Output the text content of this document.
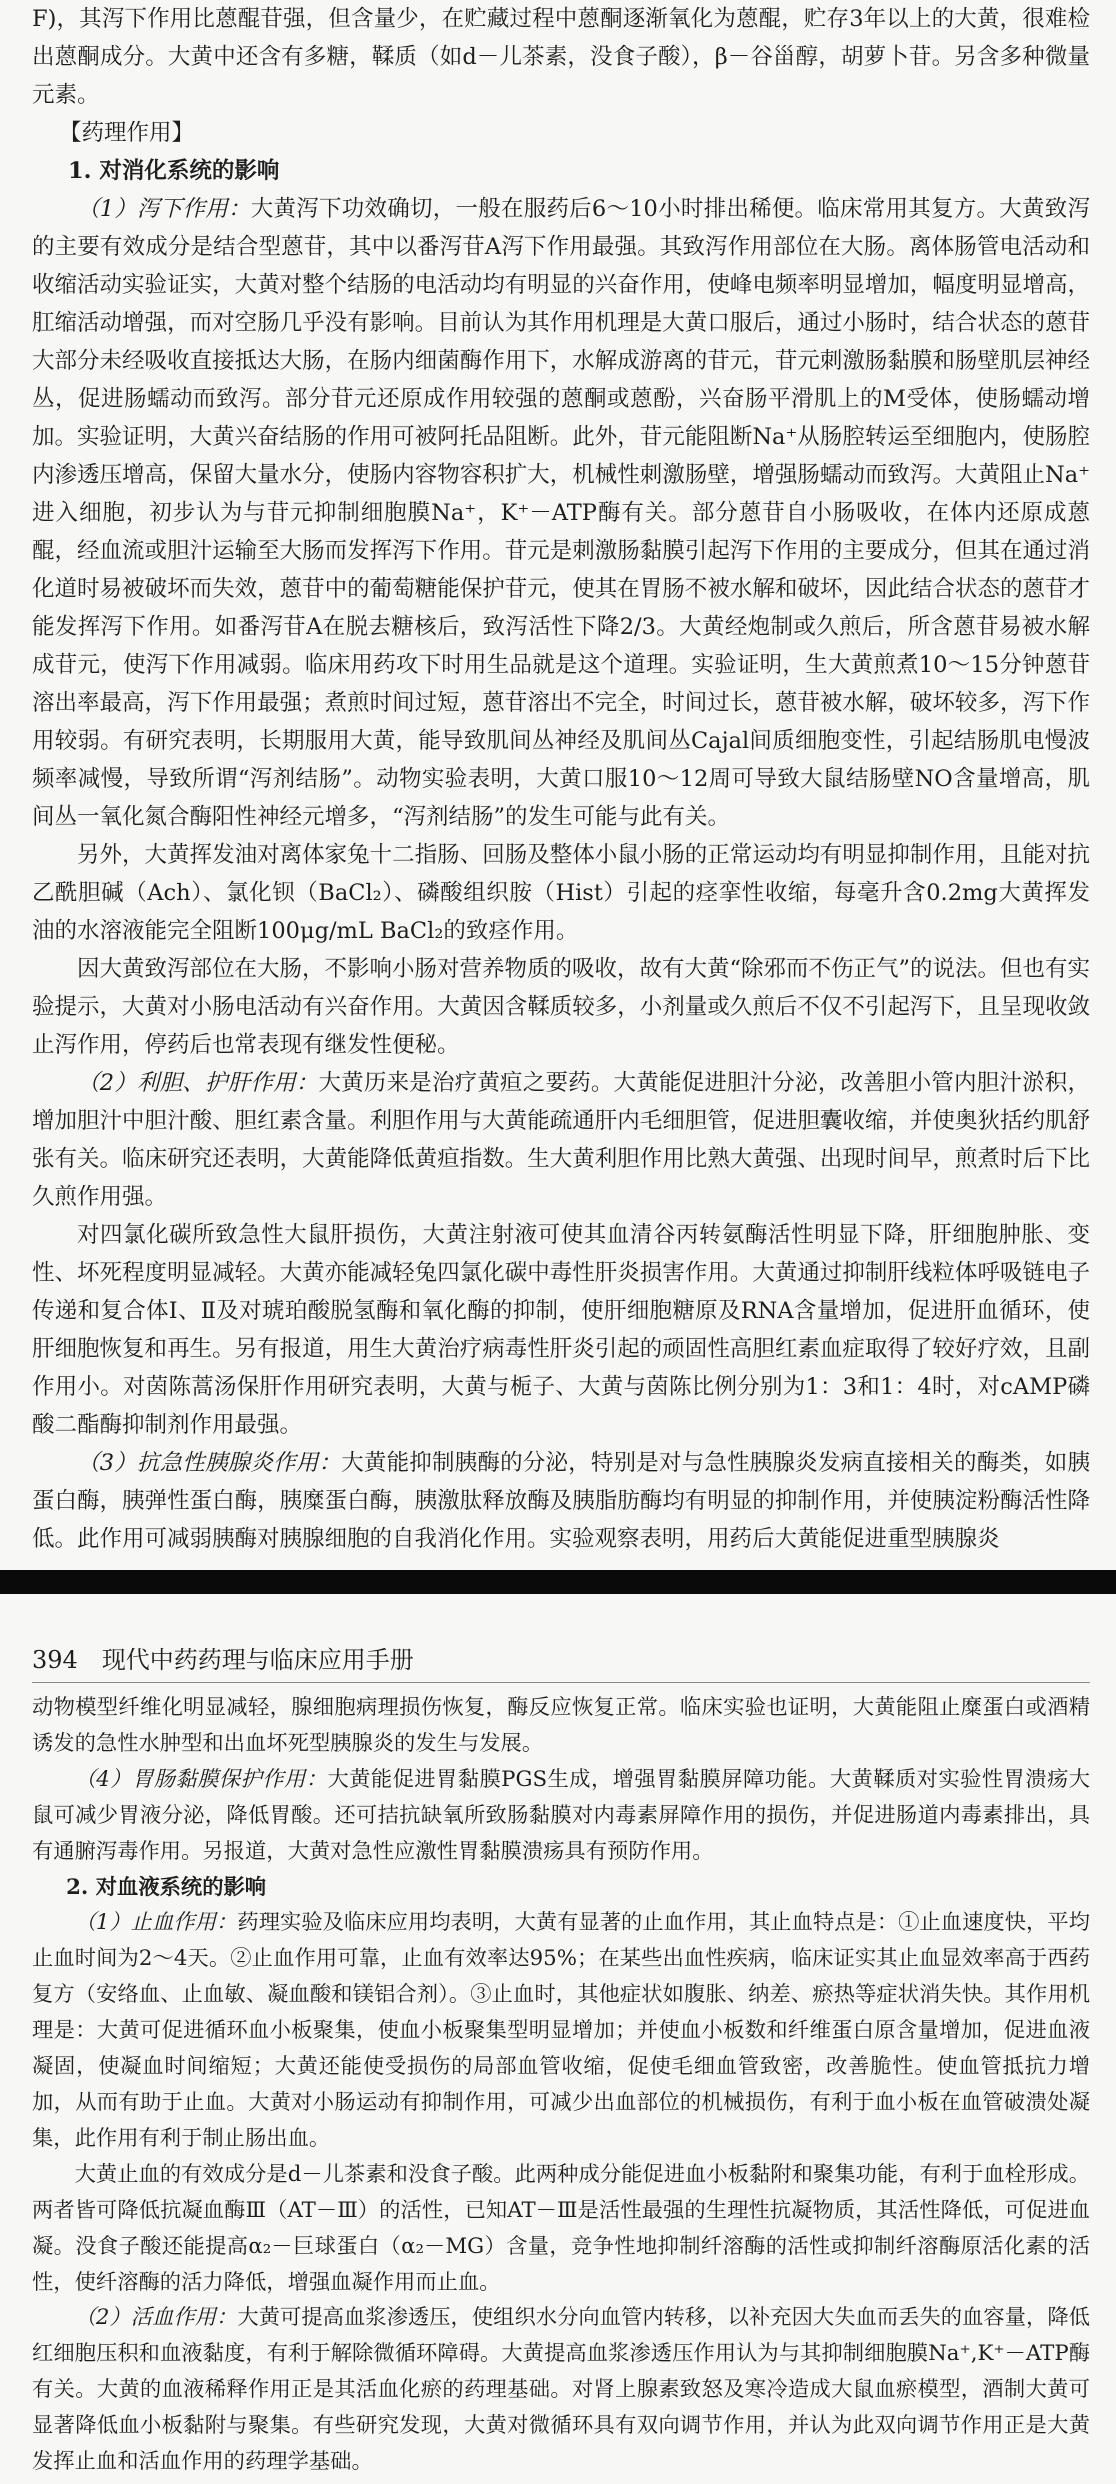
F)，其泻下作用比蒽醌苷强，但含量少，在贮藏过程中蒽酮逐渐氧化为蒽醌，贮存3年以上的大黄，很难检出蒽酮成分。大黄中还含有多糖，鞣质（如d－儿茶素，没食子酸），β－谷甾醇，胡萝卜苷。另含多种微量元素。

【药理作用】

1. 对消化系统的影响

（1）泻下作用：大黄泻下功效确切，一般在服药后6～10小时排出稀便。临床常用其复方。大黄致泻的主要有效成分是结合型蒽苷，其中以番泻苷A泻下作用最强。其致泻作用部位在大肠。离体肠管电活动和收缩活动实验证实，大黄对整个结肠的电活动均有明显的兴奋作用，使峰电频率明显增加，幅度明显增高，肛缩活动增强，而对空肠几乎没有影响。目前认为其作用机理是大黄口服后，通过小肠时，结合状态的蒽苷大部分未经吸收直接抵达大肠，在肠内细菌酶作用下，水解成游离的苷元，苷元刺激肠黏膜和肠壁肌层神经丛，促进肠蠕动而致泻。部分苷元还原成作用较强的蒽酮或蒽酚，兴奋肠平滑肌上的M受体，使肠蠕动增加。实验证明，大黄兴奋结肠的作用可被阿托品阻断。此外，苷元能阻断Na⁺从肠腔转运至细胞内，使肠腔内渗透压增高，保留大量水分，使肠内容物容积扩大，机械性刺激肠壁，增强肠蠕动而致泻。大黄阻止Na⁺进入细胞，初步认为与苷元抑制细胞膜Na⁺，K⁺－ATP酶有关。部分蒽苷自小肠吸收，在体内还原成蒽醌，经血流或胆汁运输至大肠而发挥泻下作用。苷元是刺激肠黏膜引起泻下作用的主要成分，但其在通过消化道时易被破坏而失效，蒽苷中的葡萄糖能保护苷元，使其在胃肠不被水解和破坏，因此结合状态的蒽苷才能发挥泻下作用。如番泻苷A在脱去糖核后，致泻活性下降2/3。大黄经炮制或久煎后，所含蒽苷易被水解成苷元，使泻下作用减弱。临床用药攻下时用生品就是这个道理。实验证明，生大黄煎煮10～15分钟蒽苷溶出率最高，泻下作用最强；煮煎时间过短，蒽苷溶出不完全，时间过长，蒽苷被水解，破坏较多，泻下作用较弱。有研究表明，长期服用大黄，能导致肌间丛神经及肌间丛Cajal间质细胞变性，引起结肠肌电慢波频率减慢，导致所谓“泻剂结肠”。动物实验表明，大黄口服10～12周可导致大鼠结肠壁NO含量增高，肌间丛一氧化氮合酶阳性神经元增多，“泻剂结肠”的发生可能与此有关。

另外，大黄挥发油对离体家兔十二指肠、回肠及整体小鼠小肠的正常运动均有明显抑制作用，且能对抗乙酰胆碱（Ach）、氯化钡（BaCl₂）、磷酸组织胺（Hist）引起的痉挛性收缩，每毫升含0.2mg大黄挥发油的水溶液能完全阻断100μg/mL BaCl₂的致痉作用。

因大黄致泻部位在大肠，不影响小肠对营养物质的吸收，故有大黄“除邪而不伤正气”的说法。但也有实验提示，大黄对小肠电活动有兴奋作用。大黄因含鞣质较多，小剂量或久煎后不仅不引起泻下，且呈现收敛止泻作用，停药后也常表现有继发性便秘。

（2）利胆、护肝作用：大黄历来是治疗黄疸之要药。大黄能促进胆汁分泌，改善胆小管内胆汁淤积，增加胆汁中胆汁酸、胆红素含量。利胆作用与大黄能疏通肝内毛细胆管，促进胆囊收缩，并使奥狄括约肌舒张有关。临床研究还表明，大黄能降低黄疸指数。生大黄利胆作用比熟大黄强、出现时间早，煎煮时后下比久煎作用强。

对四氯化碳所致急性大鼠肝损伤，大黄注射液可使其血清谷丙转氨酶活性明显下降，肝细胞肿胀、变性、坏死程度明显减轻。大黄亦能减轻兔四氯化碳中毒性肝炎损害作用。大黄通过抑制肝线粒体呼吸链电子传递和复合体Ⅰ、Ⅱ及对琥珀酸脱氢酶和氧化酶的抑制，使肝细胞糖原及RNA含量增加，促进肝血循环，使肝细胞恢复和再生。另有报道，用生大黄治疗病毒性肝炎引起的顽固性高胆红素血症取得了较好疗效，且副作用小。对茵陈蒿汤保肝作用研究表明，大黄与栀子、大黄与茵陈比例分别为1：3和1：4时，对cAMP磷酸二酯酶抑制剂作用最强。

（3）抗急性胰腺炎作用：大黄能抑制胰酶的分泌，特别是对与急性胰腺炎发病直接相关的酶类，如胰蛋白酶，胰弹性蛋白酶，胰糜蛋白酶，胰激肽释放酶及胰脂肪酶均有明显的抑制作用，并使胰淀粉酶活性降低。此作用可减弱胰酶对胰腺细胞的自我消化作用。实验观察表明，用药后大黄能促进重型胰腺炎

394 现代中药药理与临床应用手册

动物模型纤维化明显减轻，腺细胞病理损伤恢复，酶反应恢复正常。临床实验也证明，大黄能阻止糜蛋白或酒精诱发的急性水肿型和出血坏死型胰腺炎的发生与发展。

（4）胃肠黏膜保护作用：大黄能促进胃黏膜PGS生成，增强胃黏膜屏障功能。大黄鞣质对实验性胃溃疡大鼠可减少胃液分泌，降低胃酸。还可拮抗缺氧所致肠黏膜对内毒素屏障作用的损伤，并促进肠道内毒素排出，具有通腑泻毒作用。另报道，大黄对急性应激性胃黏膜溃疡具有预防作用。

2. 对血液系统的影响

（1）止血作用：药理实验及临床应用均表明，大黄有显著的止血作用，其止血特点是：①止血速度快，平均止血时间为2～4天。②止血作用可靠，止血有效率达95%；在某些出血性疾病，临床证实其止血显效率高于西药复方（安络血、止血敏、凝血酸和镁铝合剂）。③止血时，其他症状如腹胀、纳差、瘀热等症状消失快。其作用机理是：大黄可促进循环血小板聚集，使血小板聚集型明显增加；并使血小板数和纤维蛋白原含量增加，促进血液凝固，使凝血时间缩短；大黄还能使受损伤的局部血管收缩，促使毛细血管致密，改善脆性。使血管抵抗力增加，从而有助于止血。大黄对小肠运动有抑制作用，可减少出血部位的机械损伤，有利于血小板在血管破溃处凝集，此作用有利于制止肠出血。

大黄止血的有效成分是d－儿茶素和没食子酸。此两种成分能促进血小板黏附和聚集功能，有利于血栓形成。两者皆可降低抗凝血酶Ⅲ（AT－Ⅲ）的活性，已知AT－Ⅲ是活性最强的生理性抗凝物质，其活性降低，可促进血凝。没食子酸还能提高α₂－巨球蛋白（α₂－MG）含量，竞争性地抑制纤溶酶的活性或抑制纤溶酶原活化素的活性，使纤溶酶的活力降低，增强血凝作用而止血。

（2）活血作用：大黄可提高血浆渗透压，使组织水分向血管内转移，以补充因大失血而丢失的血容量，降低红细胞压积和血液黏度，有利于解除微循环障碍。大黄提高血浆渗透压作用认为与其抑制细胞膜Na⁺,K⁺－ATP酶有关。大黄的血液稀释作用正是其活血化瘀的药理基础。对肾上腺素致怒及寒冷造成大鼠血瘀模型，酒制大黄可显著降低血小板黏附与聚集。有些研究发现，大黄对微循环具有双向调节作用，并认为此双向调节作用正是大黄发挥止血和活血作用的药理学基础。
